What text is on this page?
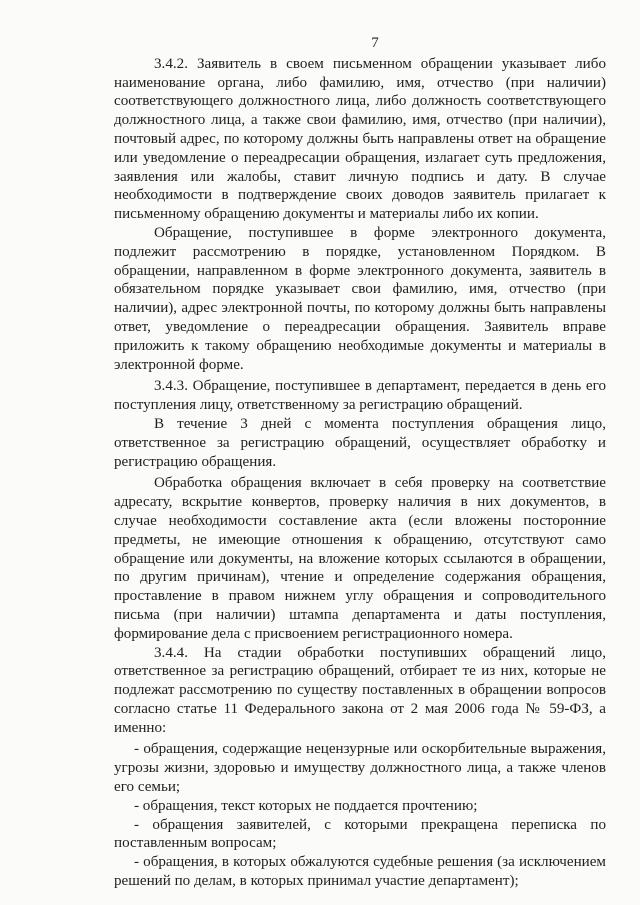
7

3.4.2. Заявитель в своем письменном обращении указывает либо наименование органа, либо фамилию, имя, отчество (при наличии) соответствующего должностного лица, либо должность соответствующего должностного лица, а также свои фамилию, имя, отчество (при наличии), почтовый адрес, по которому должны быть направлены ответ на обращение или уведомление о переадресации обращения, излагает суть предложения, заявления или жалобы, ставит личную подпись и дату. В случае необходимости в подтверждение своих доводов заявитель прилагает к письменному обращению документы и материалы либо их копии.

Обращение, поступившее в форме электронного документа, подлежит рассмотрению в порядке, установленном Порядком. В обращении, направленном в форме электронного документа, заявитель в обязательном порядке указывает свои фамилию, имя, отчество (при наличии), адрес электронной почты, по которому должны быть направлены ответ, уведомление о переадресации обращения. Заявитель вправе приложить к такому обращению необходимые документы и материалы в электронной форме.

3.4.3. Обращение, поступившее в департамент, передается в день его поступления лицу, ответственному за регистрацию обращений.

В течение 3 дней с момента поступления обращения лицо, ответственное за регистрацию обращений, осуществляет обработку и регистрацию обращения.

Обработка обращения включает в себя проверку на соответствие адресату, вскрытие конвертов, проверку наличия в них документов, в случае необходимости составление акта (если вложены посторонние предметы, не имеющие отношения к обращению, отсутствуют само обращение или документы, на вложение которых ссылаются в обращении, по другим причинам), чтение и определение содержания обращения, проставление в правом нижнем углу обращения и сопроводительного письма (при наличии) штампа департамента и даты поступления, формирование дела с присвоением регистрационного номера.

3.4.4. На стадии обработки поступивших обращений лицо, ответственное за регистрацию обращений, отбирает те из них, которые не подлежат рассмотрению по существу поставленных в обращении вопросов согласно статье 11 Федерального закона от 2 мая 2006 года № 59-ФЗ, а именно:

- обращения, содержащие нецензурные или оскорбительные выражения, угрозы жизни, здоровью и имуществу должностного лица, а также членов его семьи;

- обращения, текст которых не поддается прочтению;

- обращения заявителей, с которыми прекращена переписка по поставленным вопросам;

- обращения, в которых обжалуются судебные решения (за исключением решений по делам, в которых принимал участие департамент);
